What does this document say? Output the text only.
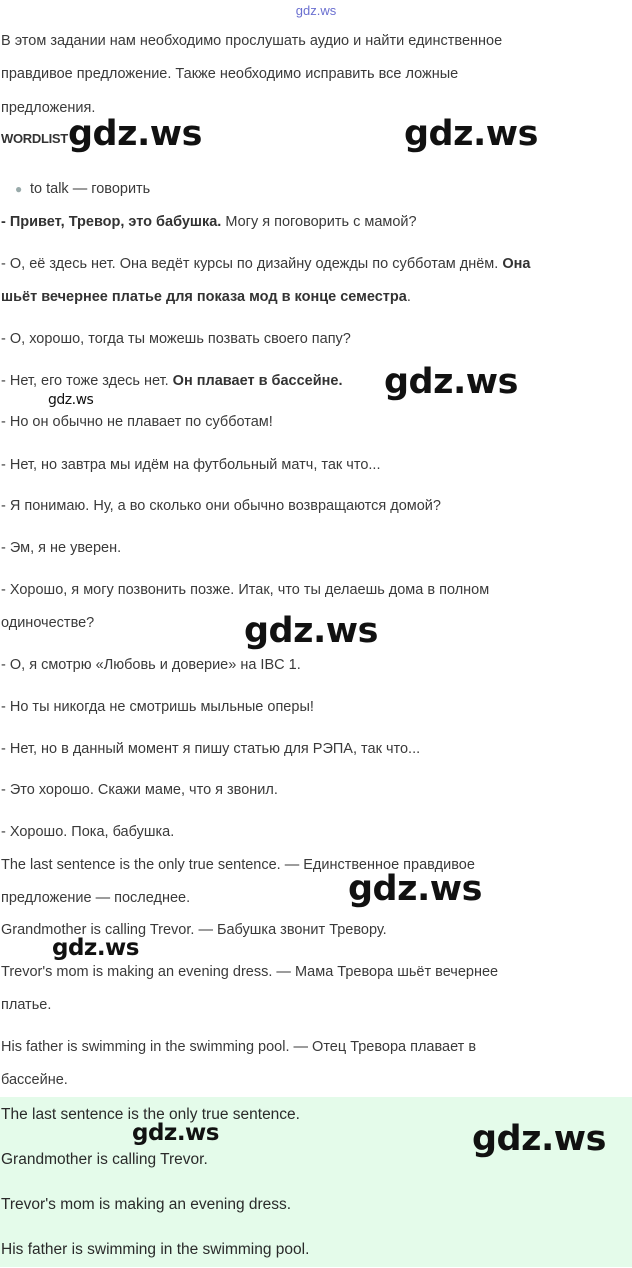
gdz.ws

В этом задании нам необходимо прослушать аудио и найти единственное

правдивое предложение. Также необходимо исправить все ложные

предложения.

WORDLIST
● to talk — говорить

- Привет, Тревор, это бабушка. Могу я поговорить с мамой?

- О, её здесь нет. Она ведёт курсы по дизайну одежды по субботам днём. Она

шьёт вечернее платье для показа мод в конце семестра.

- О, хорошо, тогда ты можешь позвать своего папу?

- Нет, его тоже здесь нет. Он плавает в бассейне.

- Но он обычно не плавает по субботам!

- Нет, но завтра мы идём на футбольный матч, так что...

- Я понимаю. Ну, а во сколько они обычно возвращаются домой?

- Эм, я не уверен.

- Хорошо, я могу позвонить позже. Итак, что ты делаешь дома в полном

одиночестве?

- О, я смотрю «Любовь и доверие» на IBC 1.

- Но ты никогда не смотришь мыльные оперы!

- Нет, но в данный момент я пишу статью для РЭПА, так что...

- Это хорошо. Скажи маме, что я звонил.

- Хорошо. Пока, бабушка.

The last sentence is the only true sentence. — Единственное правдивое

предложение — последнее.

Grandmother is calling Trevor. — Бабушка звонит Тревору.

Trevor's mom is making an evening dress. — Мама Тревора шьёт вечернее

платье.

His father is swimming in the swimming pool. — Отец Тревора плавает в

бассейне.

The last sentence is the only true sentence.

Grandmother is calling Trevor.

Trevor's mom is making an evening dress.

His father is swimming in the swimming pool.

gdz.ws	gdz.ws
gdz.ws
gdz.ws
gdz.ws
gdz.ws
gdz.ws
gdz.ws	gdz.ws
